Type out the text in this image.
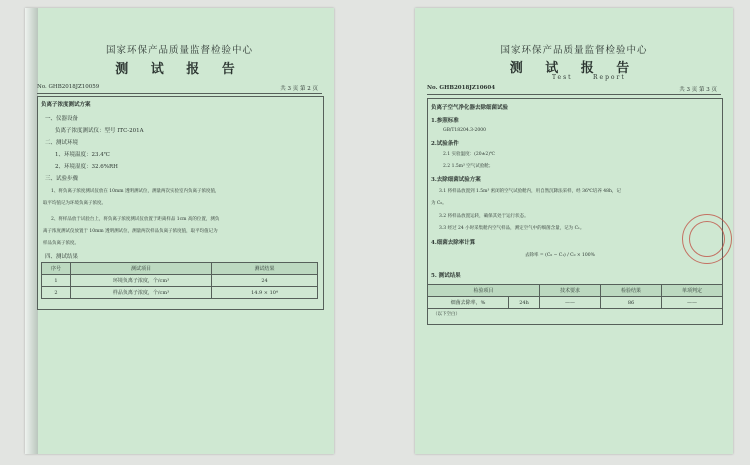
国家环保产品质量监督检验中心
测 试 报 告
No. GHB2018JZ10059	共 3 页 第 2 页
负离子浓度测试方案
一、仪器设备
负离子浓度测试仪：型号 ITC-201A
二、测试环境
1、环境温度：23.4℃
2、环境湿度：32.6%RH
三、试验步骤
1、将负离子浓度测试仪放在 10mm 透明测试位，测量两次实验室内负离子浓度值，
取平均值记为环境负离子浓度。
2、将样品放于试验台上，将负离子浓度测试仪放置于距离样品 1cm 高的位置，测负
离子浓度测试仪放置于 10mm 透明测试位，测量两次样品负离子浓度值，取平均值记为
样品负离子浓度。
四、测试结果
序号	测试项目	测试结果
1	环境负离子浓度，个/cm³	24
2	样品负离子浓度，个/cm³	14.9 × 10⁴
国家环保产品质量监督检验中心
测 试 报 告
Test	Report
No. GHB2018JZ10604	共 3 页 第 3 页
负离子空气净化器去除细菌试验
1.参照标准
GB/T18204.3-2000
2.试验条件
2.1 实验温度：(20±2)℃
2.2 1.5m³ 空气试验舱；
3.去除细菌试验方案
3.1 将样品放置到 1.5m³ 密闭的空气试验舱内，用自然沉降法采样，经 36℃培养 48h，记
为 C₀。
3.2 将样品放置运转，确保其处于运行状态。
3.3 经过 24 小时采集舱内空气样品，测定空气中的细菌含量，记为 C₁。
4.细菌去除率计算
去除率 = (C₀ − C₁) / C₀ × 100%
5. 测试结果
检验项目		技术要求	检验结果	单项判定
细菌去除率，%	24h	——	86	——
（以下空白）
